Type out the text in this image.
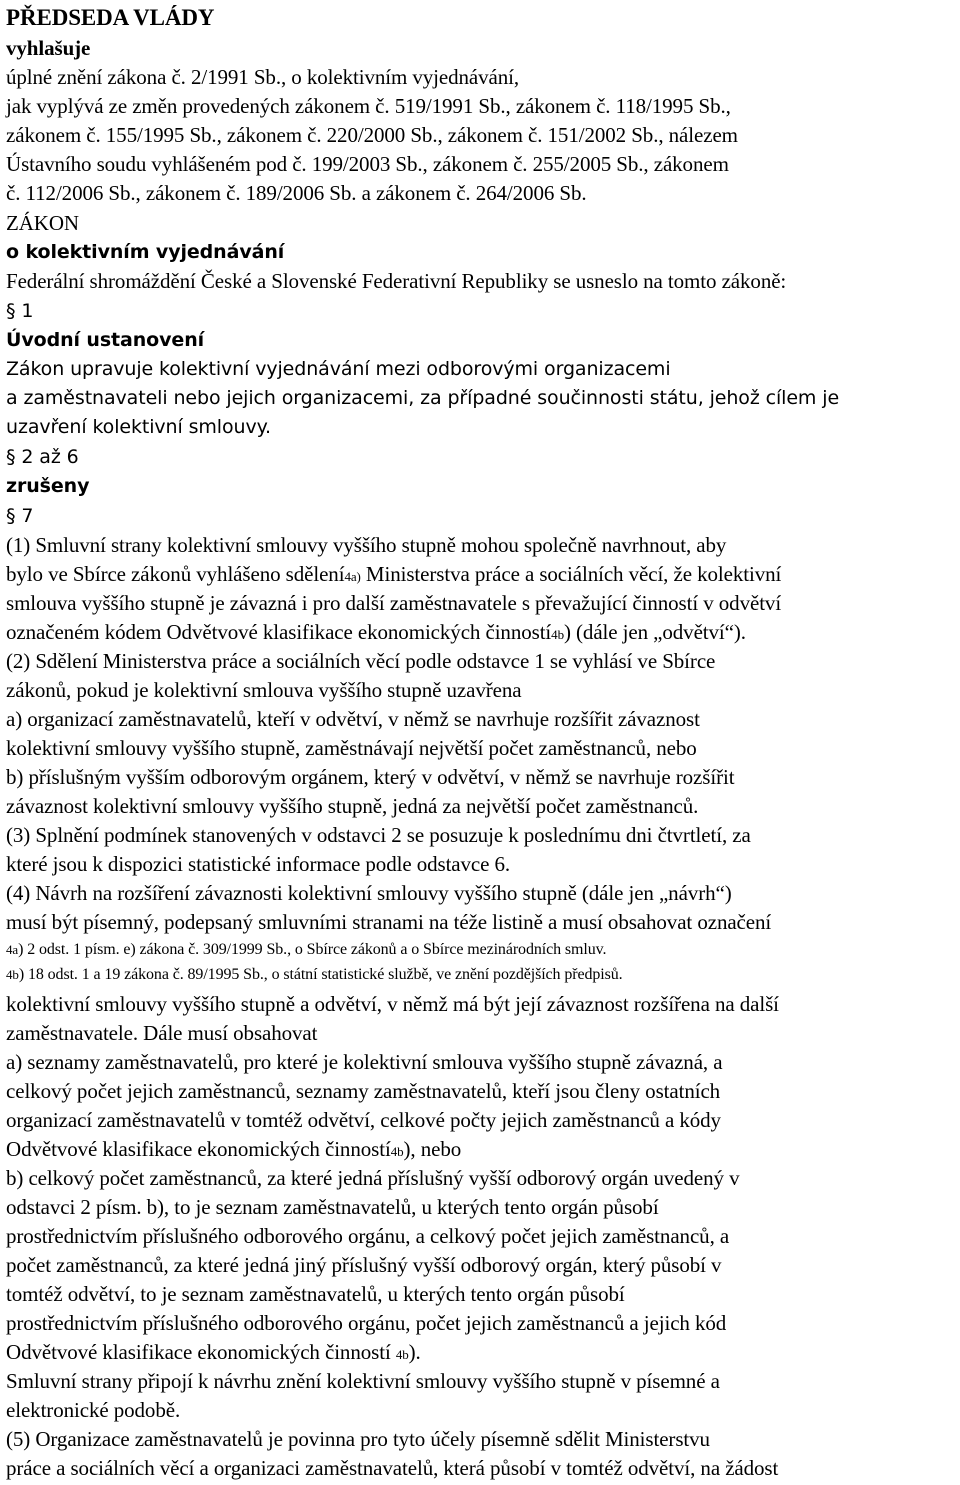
PŘEDSEDA VLÁDY
vyhlašuje
úplné znění zákona č. 2/1991 Sb., o kolektivním vyjednávání,
jak vyplývá ze změn provedených zákonem č. 519/1991 Sb., zákonem č. 118/1995 Sb.,
zákonem č. 155/1995 Sb., zákonem č. 220/2000 Sb., zákonem č. 151/2002 Sb., nálezem
Ústavního soudu vyhlášeném pod č. 199/2003 Sb., zákonem č. 255/2005 Sb., zákonem
č. 112/2006 Sb., zákonem č. 189/2006 Sb. a zákonem č. 264/2006 Sb.
ZÁKON
o kolektivním vyjednávání
Federální shromáždění České a Slovenské Federativní Republiky se usneslo na tomto zákoně:
§ 1
Úvodní ustanovení
Zákon upravuje kolektivní vyjednávání mezi odborovými organizacemi
a zaměstnavateli nebo jejich organizacemi, za případné součinnosti státu, jehož cílem je
uzavření kolektivní smlouvy.
§ 2 až 6
zrušeny
§ 7
(1) Smluvní strany kolektivní smlouvy vyššího stupně mohou společně navrhnout, aby
bylo ve Sbírce zákonů vyhlášeno sdělení4a) Ministerstva práce a sociálních věcí, že kolektivní
smlouva vyššího stupně je závazná i pro další zaměstnavatele s převažující činností v odvětví
označeném kódem Odvětvové klasifikace ekonomických činností4b) (dále jen „odvětví“).
(2) Sdělení Ministerstva práce a sociálních věcí podle odstavce 1 se vyhlásí ve Sbírce
zákonů, pokud je kolektivní smlouva vyššího stupně uzavřena
a) organizací zaměstnavatelů, kteří v odvětví, v němž se navrhuje rozšířit závaznost
kolektivní smlouvy vyššího stupně, zaměstnávají největší počet zaměstnanců, nebo
b) příslušným vyšším odborovým orgánem, který v odvětví, v němž se navrhuje rozšířit
závaznost kolektivní smlouvy vyššího stupně, jedná za největší počet zaměstnanců.
(3) Splnění podmínek stanovených v odstavci 2 se posuzuje k poslednímu dni čtvrtletí, za
které jsou k dispozici statistické informace podle odstavce 6.
(4) Návrh na rozšíření závaznosti kolektivní smlouvy vyššího stupně (dále jen „návrh“)
musí být písemný, podepsaný smluvními stranami na téže listině a musí obsahovat označení
4a) 2 odst. 1 písm. e) zákona č. 309/1999 Sb., o Sbírce zákonů a o Sbírce mezinárodních smluv.
4b) 18 odst. 1 a 19 zákona č. 89/1995 Sb., o státní statistické službě, ve znění pozdějších předpisů.
kolektivní smlouvy vyššího stupně a odvětví, v němž má být její závaznost rozšířena na další
zaměstnavatele. Dále musí obsahovat
a) seznamy zaměstnavatelů, pro které je kolektivní smlouva vyššího stupně závazná, a
celkový počet jejich zaměstnanců, seznamy zaměstnavatelů, kteří jsou členy ostatních
organizací zaměstnavatelů v tomtéž odvětví, celkové počty jejich zaměstnanců a kódy
Odvětvové klasifikace ekonomických činností4b), nebo
b) celkový počet zaměstnanců, za které jedná příslušný vyšší odborový orgán uvedený v
odstavci 2 písm. b), to je seznam zaměstnavatelů, u kterých tento orgán působí
prostřednictvím příslušného odborového orgánu, a celkový počet jejich zaměstnanců, a
počet zaměstnanců, za které jedná jiný příslušný vyšší odborový orgán, který působí v
tomtéž odvětví, to je seznam zaměstnavatelů, u kterých tento orgán působí
prostřednictvím příslušného odborového orgánu, počet jejich zaměstnanců a jejich kód
Odvětvové klasifikace ekonomických činností 4b).
Smluvní strany připojí k návrhu znění kolektivní smlouvy vyššího stupně v písemné a
elektronické podobě.
(5) Organizace zaměstnavatelů je povinna pro tyto účely písemně sdělit Ministerstvu
práce a sociálních věcí a organizaci zaměstnavatelů, která působí v tomtéž odvětví, na žádost
